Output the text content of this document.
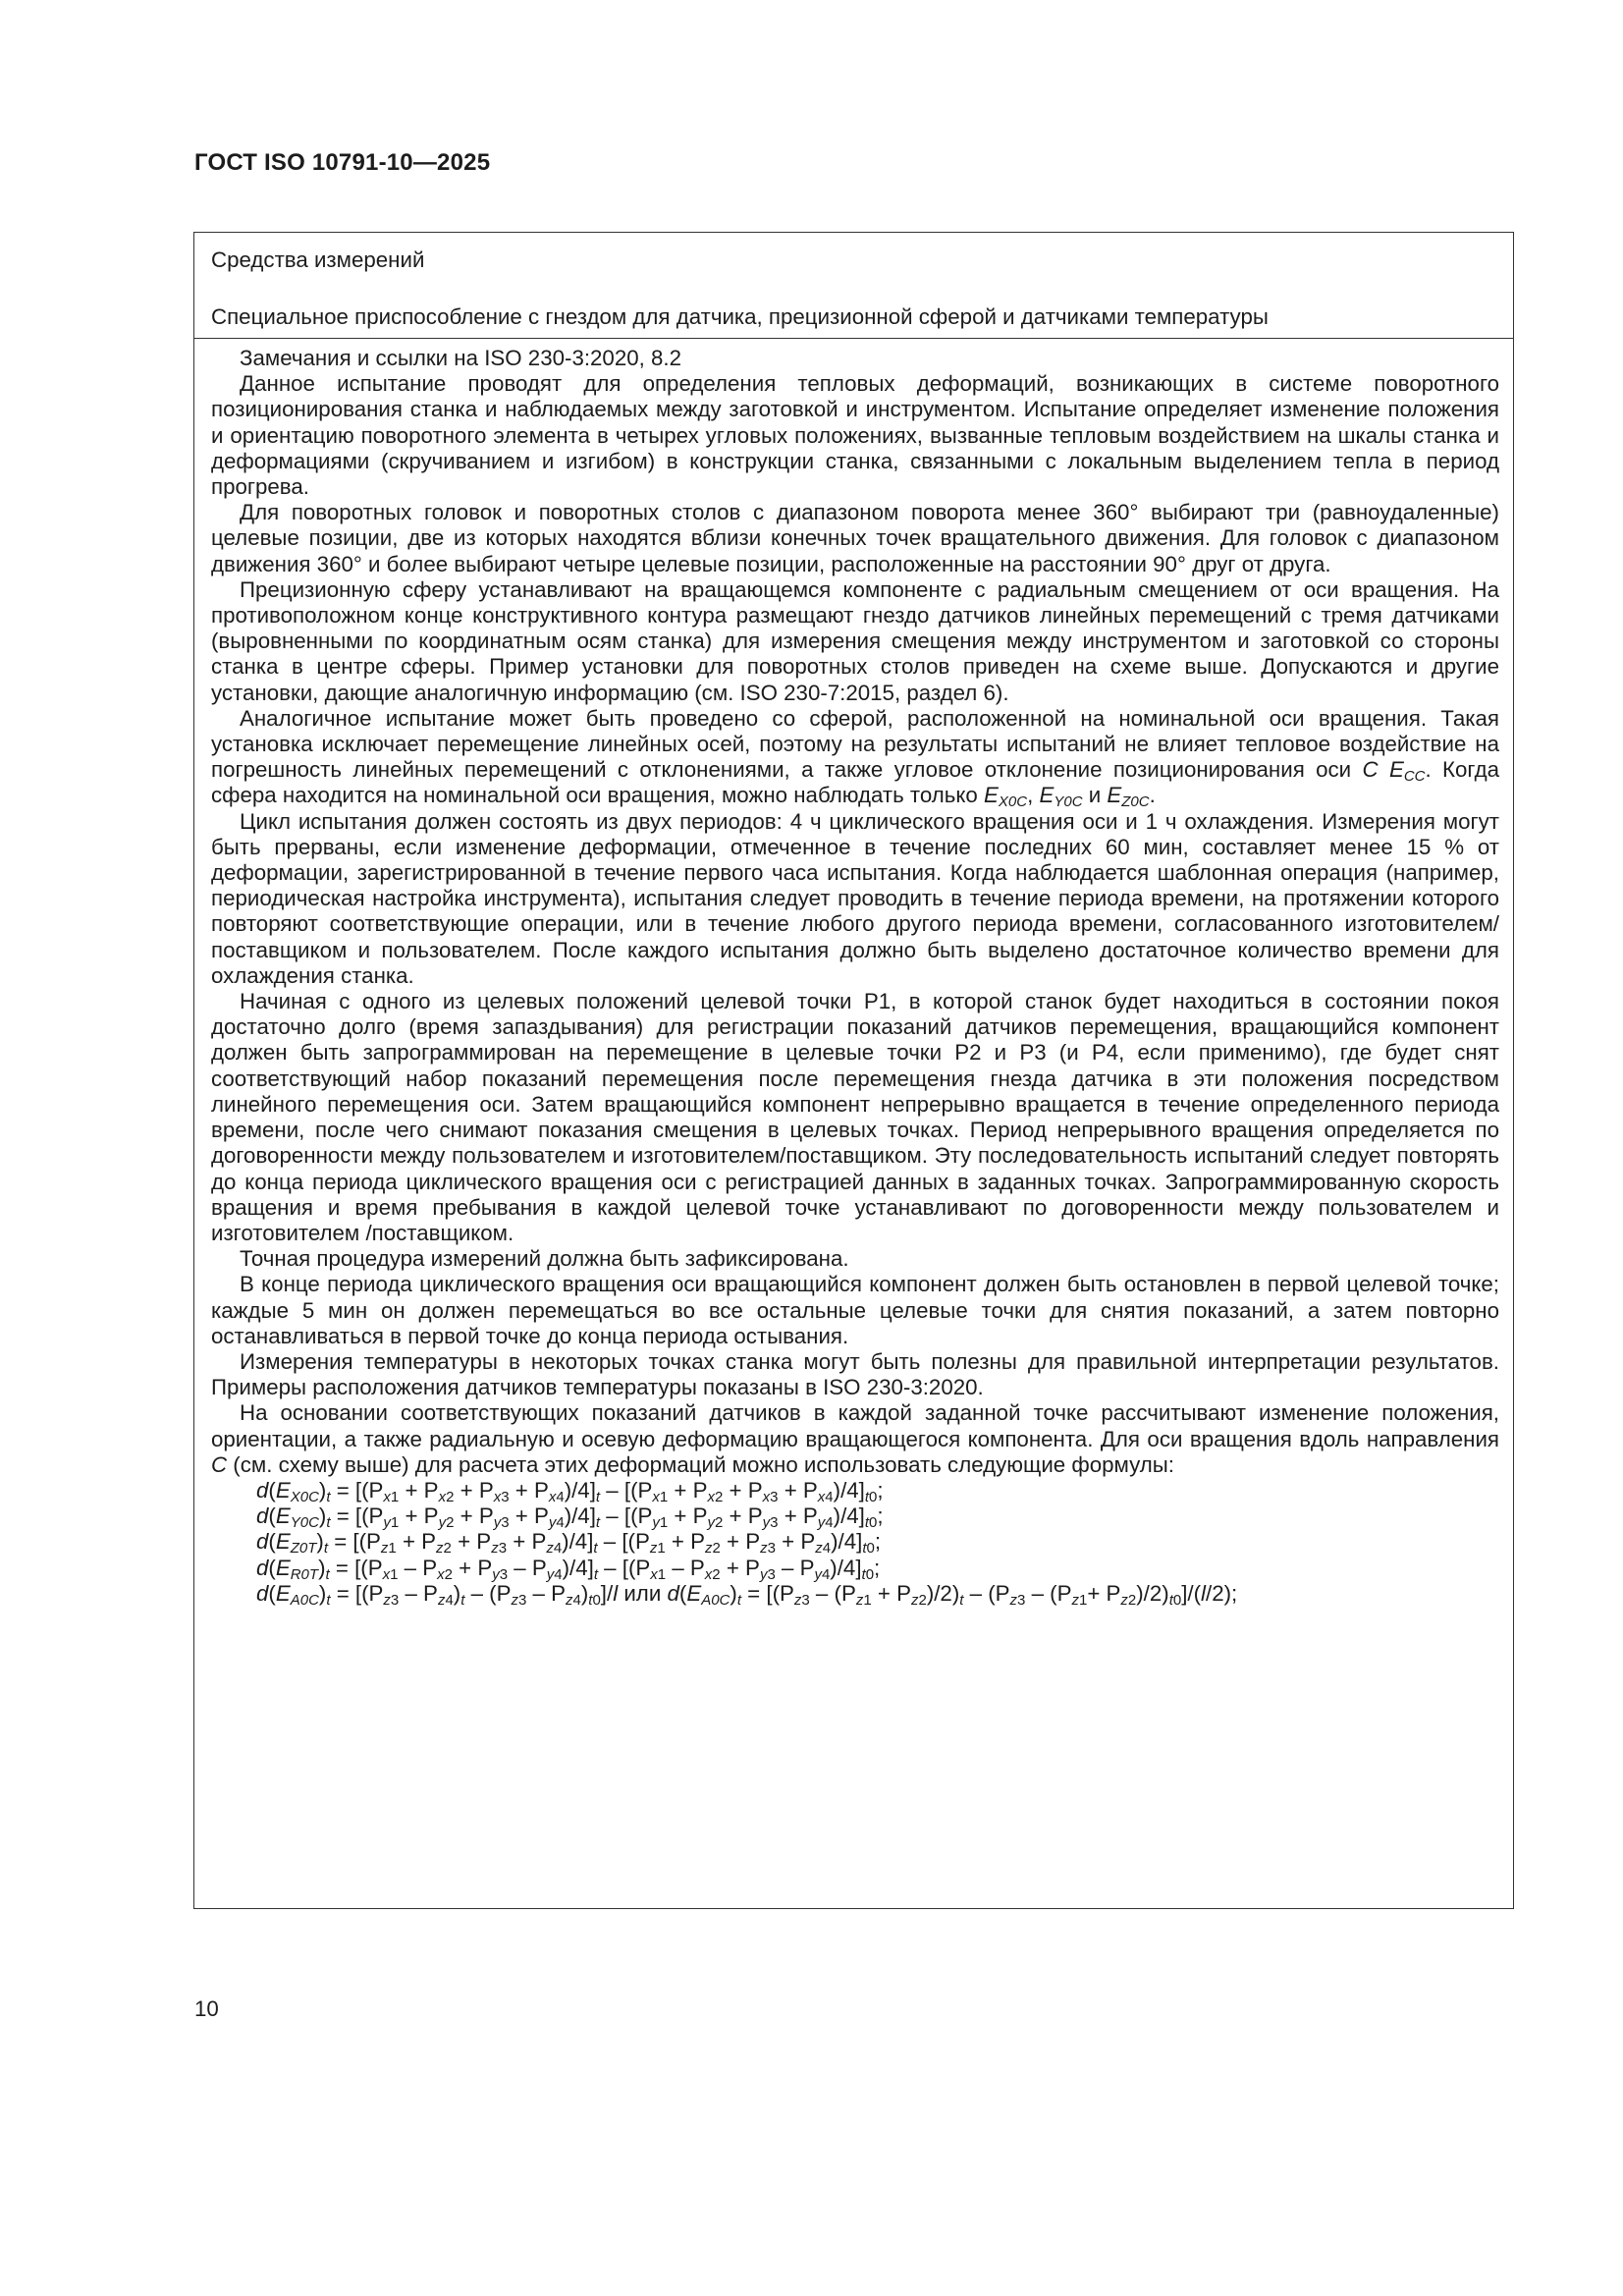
ГОСТ ISO 10791-10—2025
Средства измерений
Специальное приспособление с гнездом для датчика, прецизионной сферой и датчиками температуры

Замечания и ссылки на ISO 230-3:2020, 8.2

Данное испытание проводят для определения тепловых деформаций, возникающих в системе поворотного позиционирования станка и наблюдаемых между заготовкой и инструментом. Испытание определяет изменение положения и ориентацию поворотного элемента в четырех угловых положениях, вызванные тепловым воздействием на шкалы станка и деформациями (скручиванием и изгибом) в конструкции станка, связанными с локальным выделением тепла в период прогрева.

Для поворотных головок и поворотных столов с диапазоном поворота менее 360° выбирают три (равноудаленные) целевые позиции, две из которых находятся вблизи конечных точек вращательного движения. Для головок с диапазоном движения 360° и более выбирают четыре целевые позиции, расположенные на расстоянии 90° друг от друга.

Прецизионную сферу устанавливают на вращающемся компоненте с радиальным смещением от оси вращения. На противоположном конце конструктивного контура размещают гнездо датчиков линейных перемещений с тремя датчиками (выровненными по координатным осям станка) для измерения смещения между инструментом и заготовкой со стороны станка в центре сферы. Пример установки для поворотных столов приведен на схеме выше. Допускаются и другие установки, дающие аналогичную информацию (см. ISO 230-7:2015, раздел 6).

Аналогичное испытание может быть проведено со сферой, расположенной на номинальной оси вращения. Такая установка исключает перемещение линейных осей, поэтому на результаты испытаний не влияет тепловое воздействие на погрешность линейных перемещений с отклонениями, а также угловое отклонение позиционирования оси C $E_{CC}$. Когда сфера находится на номинальной оси вращения, можно наблюдать только $E_{X0C}$, $E_{Y0C}$ и $E_{Z0C}$.

Цикл испытания должен состоять из двух периодов: 4 ч циклического вращения оси и 1 ч охлаждения. Измерения могут быть прерваны, если изменение деформации, отмеченное в течение последних 60 мин, составляет менее 15 % от деформации, зарегистрированной в течение первого часа испытания. Когда наблюдается шаблонная операция (например, периодическая настройка инструмента), испытания следует проводить в течение периода времени, на протяжении которого повторяют соответствующие операции, или в течение любого другого периода времени, согласованного изготовителем/поставщиком и пользователем. После каждого испытания должно быть выделено достаточное количество времени для охлаждения станка.

Начиная с одного из целевых положений целевой точки P1, в которой станок будет находиться в состоянии покоя достаточно долго (время запаздывания) для регистрации показаний датчиков перемещения, вращающийся компонент должен быть запрограммирован на перемещение в целевые точки P2 и P3 (и P4, если применимо), где будет снят соответствующий набор показаний перемещения после перемещения гнезда датчика в эти положения посредством линейного перемещения оси. Затем вращающийся компонент непрерывно вращается в течение определенного периода времени, после чего снимают показания смещения в целевых точках. Период непрерывного вращения определяется по договоренности между пользователем и изготовителем/поставщиком. Эту последовательность испытаний следует повторять до конца периода циклического вращения оси с регистрацией данных в заданных точках. Запрограммированную скорость вращения и время пребывания в каждой целевой точке устанавливают по договоренности между пользователем и изготовителем /поставщиком.

Точная процедура измерений должна быть зафиксирована.

В конце периода циклического вращения оси вращающийся компонент должен быть остановлен в первой целевой точке; каждые 5 мин он должен перемещаться во все остальные целевые точки для снятия показаний, а затем повторно останавливаться в первой точке до конца периода остывания.

Измерения температуры в некоторых точках станка могут быть полезны для правильной интерпретации результатов. Примеры расположения датчиков температуры показаны в ISO 230-3:2020.

На основании соответствующих показаний датчиков в каждой заданной точке рассчитывают изменение положения, ориентации, а также радиальную и осевую деформацию вращающегося компонента. Для оси вращения вдоль направления C (см. схему выше) для расчета этих деформаций можно использовать следующие формулы:

$d(E_{X0C})_t = [(P_{x1} + P_{x2} + P_{x3} + P_{x4})/4]_t - [(P_{x1} + P_{x2} + P_{x3} + P_{x4})/4]_{t0}$;
$d(E_{Y0C})_t = [(P_{y1} + P_{y2} + P_{y3} + P_{y4})/4]_t - [(P_{y1} + P_{y2} + P_{y3} + P_{y4})/4]_{t0}$;
$d(E_{Z0T})_t = [(P_{z1} + P_{z2} + P_{z3} + P_{z4})/4]_t - [(P_{z1} + P_{z2} + P_{z3} + P_{z4})/4]_{t0}$;
$d(E_{R0T})_t = [(P_{x1} - P_{x2} + P_{y3} - P_{y4})/4]_t - [(P_{x1} - P_{x2} + P_{y3} - P_{y4})/4]_{t0}$;
$d(E_{A0C})_t = [(P_{z3} - P_{z4})_t - (P_{z3} - P_{z4})_{t0}]/l$ или $d(E_{A0C})_t = [(P_{z3} - (P_{z1} + P_{z2})/2)_t - (P_{z3} - (P_{z1}+ P_{z2})/2)_{t0}]/(l/2)$;
10
